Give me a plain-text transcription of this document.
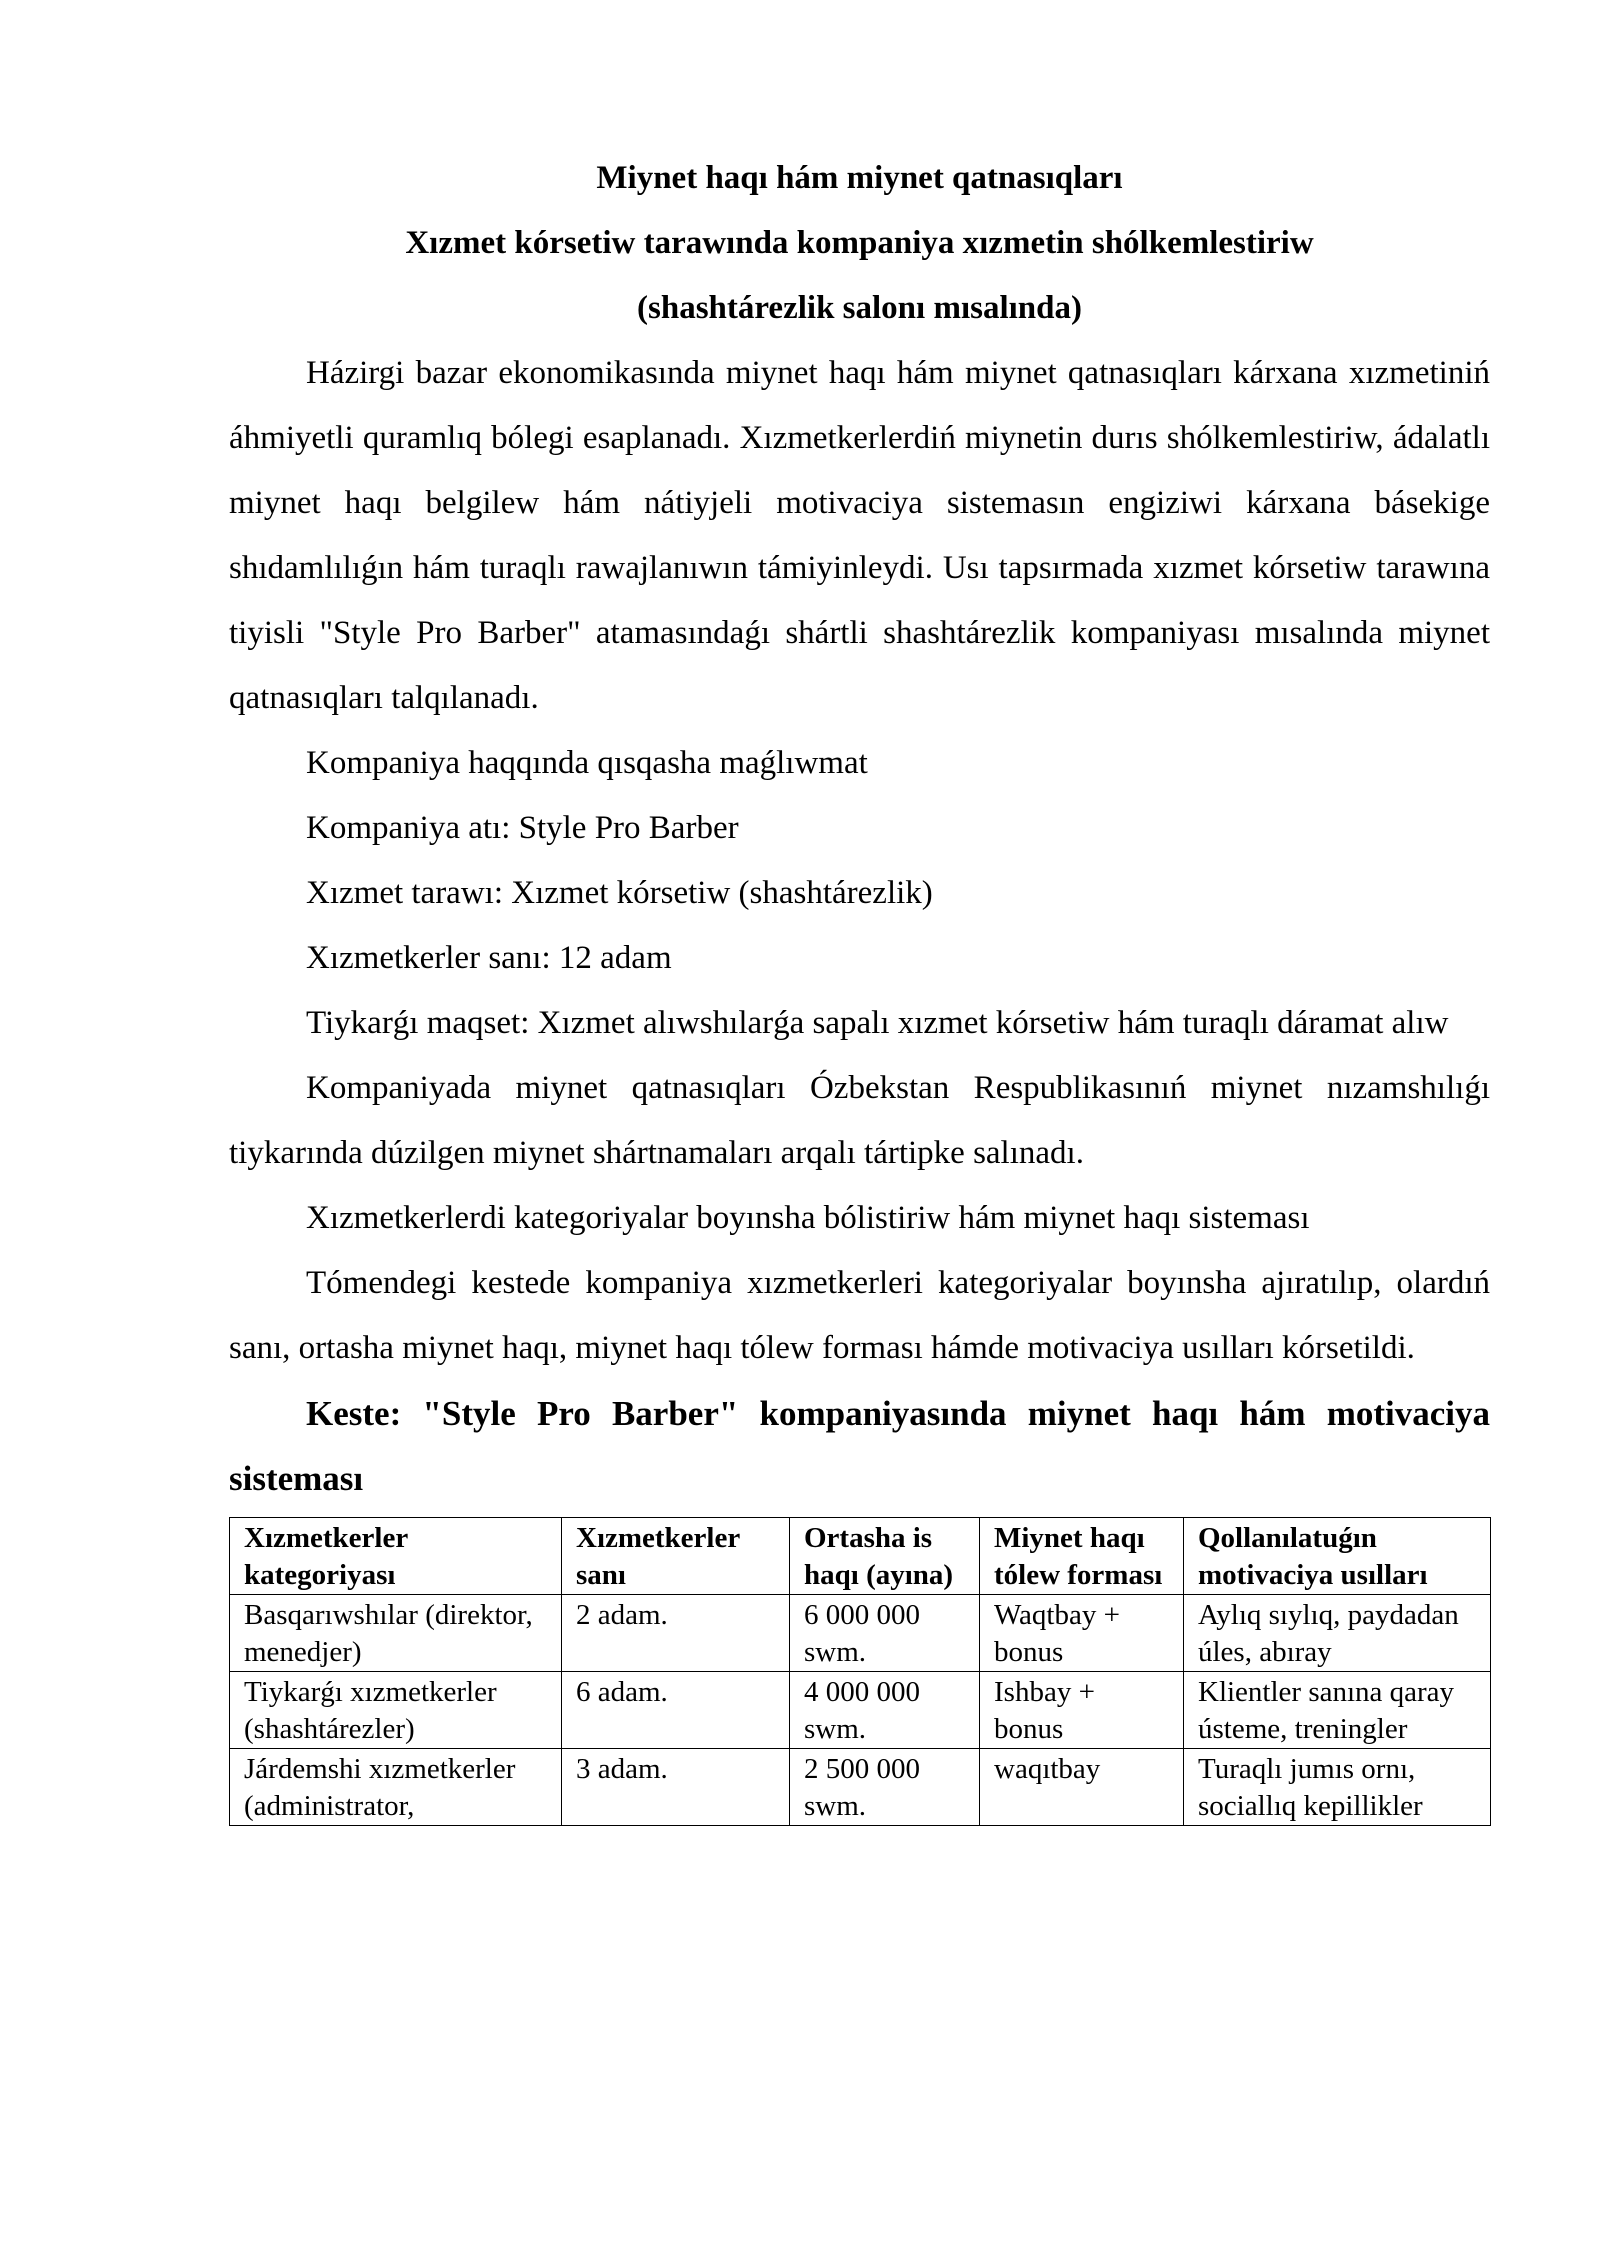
Miynet haqı hám miynet qatnasıqları

Xızmet kórsetiw tarawında kompaniya xızmetin shólkemlestiriw

(shashtárezlik salonı mısalında)

Házirgi bazar ekonomikasında miynet haqı hám miynet qatnasıqları kárxana xızmetiniń áhmiyetli quramlıq bólegi esaplanadı. Xızmetkerlerdiń miynetin durıs shólkemlestiriw, ádalatlı miynet haqı belgilew hám nátiyjeli motivaciya sistemasın engiziwi kárxana básekige shıdamlılıǵın hám turaqlı rawajlanıwın támiyinleydi. Usı tapsırmada xızmet kórsetiw tarawına tiyisli "Style Pro Barber" atamasındaǵı shártli shashtárezlik kompaniyası mısalında miynet qatnasıqları talqılanadı.

Kompaniya haqqında qısqasha maǵlıwmat

Kompaniya atı: Style Pro Barber

Xızmet tarawı: Xızmet kórsetiw (shashtárezlik)

Xızmetkerler sanı: 12 adam

Tiykarǵı maqset: Xızmet alıwshılarǵa sapalı xızmet kórsetiw hám turaqlı dáramat alıw

Kompaniyada miynet qatnasıqları Ózbekstan Respublikasınıń miynet nızamshılıǵı tiykarında dúzilgen miynet shártnamaları arqalı tártipke salınadı.

Xızmetkerlerdi kategoriyalar boyınsha bólistiriw hám miynet haqı sisteması

Tómendegi kestede kompaniya xızmetkerleri kategoriyalar boyınsha ajıratılıp, olardıń sanı, ortasha miynet haqı, miynet haqı tólew forması hámde motivaciya usılları kórsetildi.

Keste: "Style Pro Barber" kompaniyasında miynet haqı hám motivaciya sisteması

Xızmetkerler kategoriyası	Xızmetkerler sanı	Ortasha is haqı (ayına)	Miynet haqı tólew forması	Qollanılatuǵın motivaciya usılları
Basqarıwshılar (direktor, menedjer)	2 adam.	6 000 000 swm.	Waqtbay + bonus	Aylıq sıylıq, paydadan úles, abıray
Tiykarǵı xızmetkerler (shashtárezler)	6 adam.	4 000 000 swm.	Ishbay + bonus	Klientler sanına qaray ústeme, treningler
Járdemshi xızmetkerler (administrator,	3 adam.	2 500 000 swm.	waqıtbay	Turaqlı jumıs ornı, sociallıq kepillikler
